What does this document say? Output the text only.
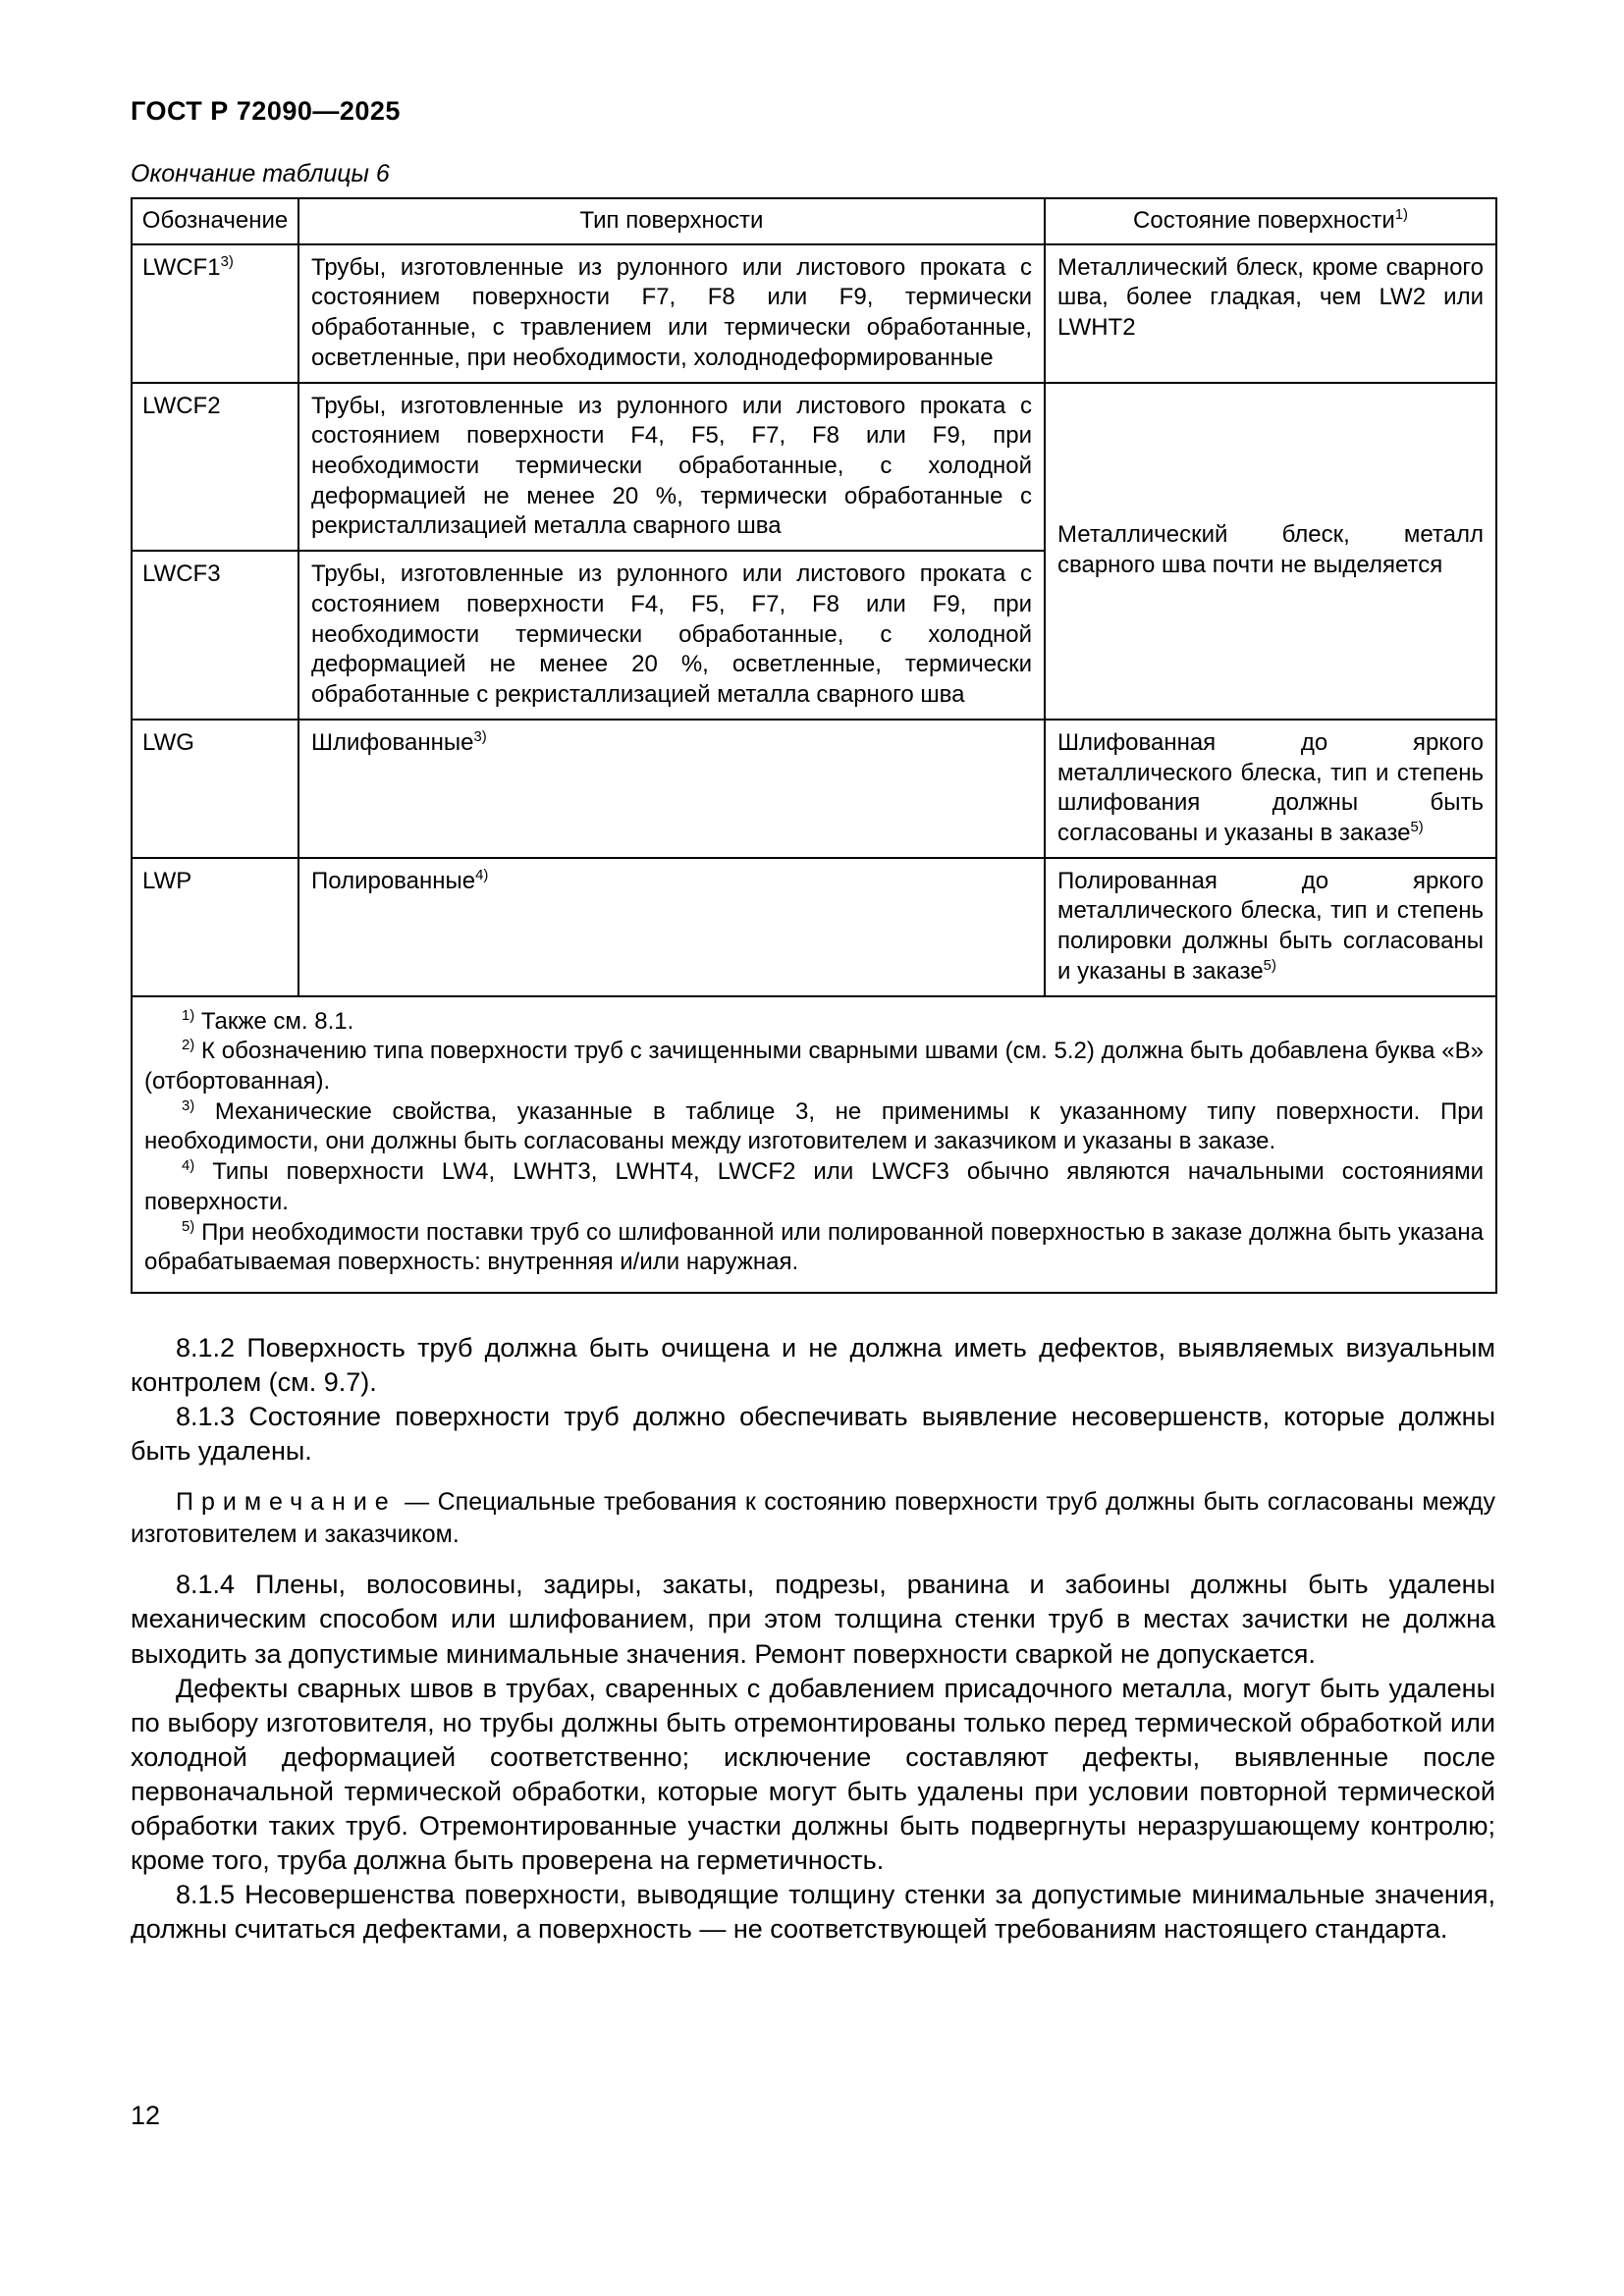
ГОСТ Р 72090—2025
Окончание таблицы 6
Обозначение	Тип поверхности	Состояние поверхности$^{1)}$
LWCF1$^{3)}$	Трубы, изготовленные из рулонного или листового проката с состоянием поверхности F7, F8 или F9, термически обработанные, с травлением или термически обработанные, осветленные, при необходимости, холоднодеформированные	Металлический блеск, кроме сварного шва, более гладкая, чем LW2 или LWHT2
LWCF2	Трубы, изготовленные из рулонного или листового проката с состоянием поверхности F4, F5, F7, F8 или F9, при необходимости термически обработанные, с холодной деформацией не менее 20 %, термически обработанные с рекристаллизацией металла сварного шва	Металлический блеск, металл сварного шва почти не выделяется
LWCF3	Трубы, изготовленные из рулонного или листового проката с состоянием поверхности F4, F5, F7, F8 или F9, при необходимости термически обработанные, с холодной деформацией не менее 20 %, осветленные, термически обработанные с рекристаллизацией металла сварного шва	
LWG	Шлифованные$^{3)}$	Шлифованная до яркого металлического блеска, тип и степень шлифования должны быть согласованы и указаны в заказе$^{5)}$
LWP	Полированные$^{4)}$	Полированная до яркого металлического блеска, тип и степень полировки должны быть согласованы и указаны в заказе$^{5)}$

$^{1)}$ Также см. 8.1.

$^{2)}$ К обозначению типа поверхности труб с зачищенными сварными швами (см. 5.2) должна быть добавлена буква «В» (отбортованная).

$^{3)}$ Механические свойства, указанные в таблице 3, не применимы к указанному типу поверхности. При необходимости, они должны быть согласованы между изготовителем и заказчиком и указаны в заказе.

$^{4)}$ Типы поверхности LW4, LWHT3, LWHT4, LWCF2 или LWCF3 обычно являются начальными состояниями поверхности.

$^{5)}$ При необходимости поставки труб со шлифованной или полированной поверхностью в заказе должна быть указана обрабатываемая поверхность: внутренняя и/или наружная.		

8.1.2 Поверхность труб должна быть очищена и не должна иметь дефектов, выявляемых визуальным контролем (см. 9.7).

8.1.3 Состояние поверхности труб должно обеспечивать выявление несовершенств, которые должны быть удалены.

Примечание — Специальные требования к состоянию поверхности труб должны быть согласованы между изготовителем и заказчиком.

8.1.4 Плены, волосовины, задиры, закаты, подрезы, рванина и забоины должны быть удалены механическим способом или шлифованием, при этом толщина стенки труб в местах зачистки не должна выходить за допустимые минимальные значения. Ремонт поверхности сваркой не допускается.

Дефекты сварных швов в трубах, сваренных с добавлением присадочного металла, могут быть удалены по выбору изготовителя, но трубы должны быть отремонтированы только перед термической обработкой или холодной деформацией соответственно; исключение составляют дефекты, выявленные после первоначальной термической обработки, которые могут быть удалены при условии повторной термической обработки таких труб. Отремонтированные участки должны быть подвергнуты неразрушающему контролю; кроме того, труба должна быть проверена на герметичность.

8.1.5 Несовершенства поверхности, выводящие толщину стенки за допустимые минимальные значения, должны считаться дефектами, а поверхность — не соответствующей требованиям настоящего стандарта.

12
